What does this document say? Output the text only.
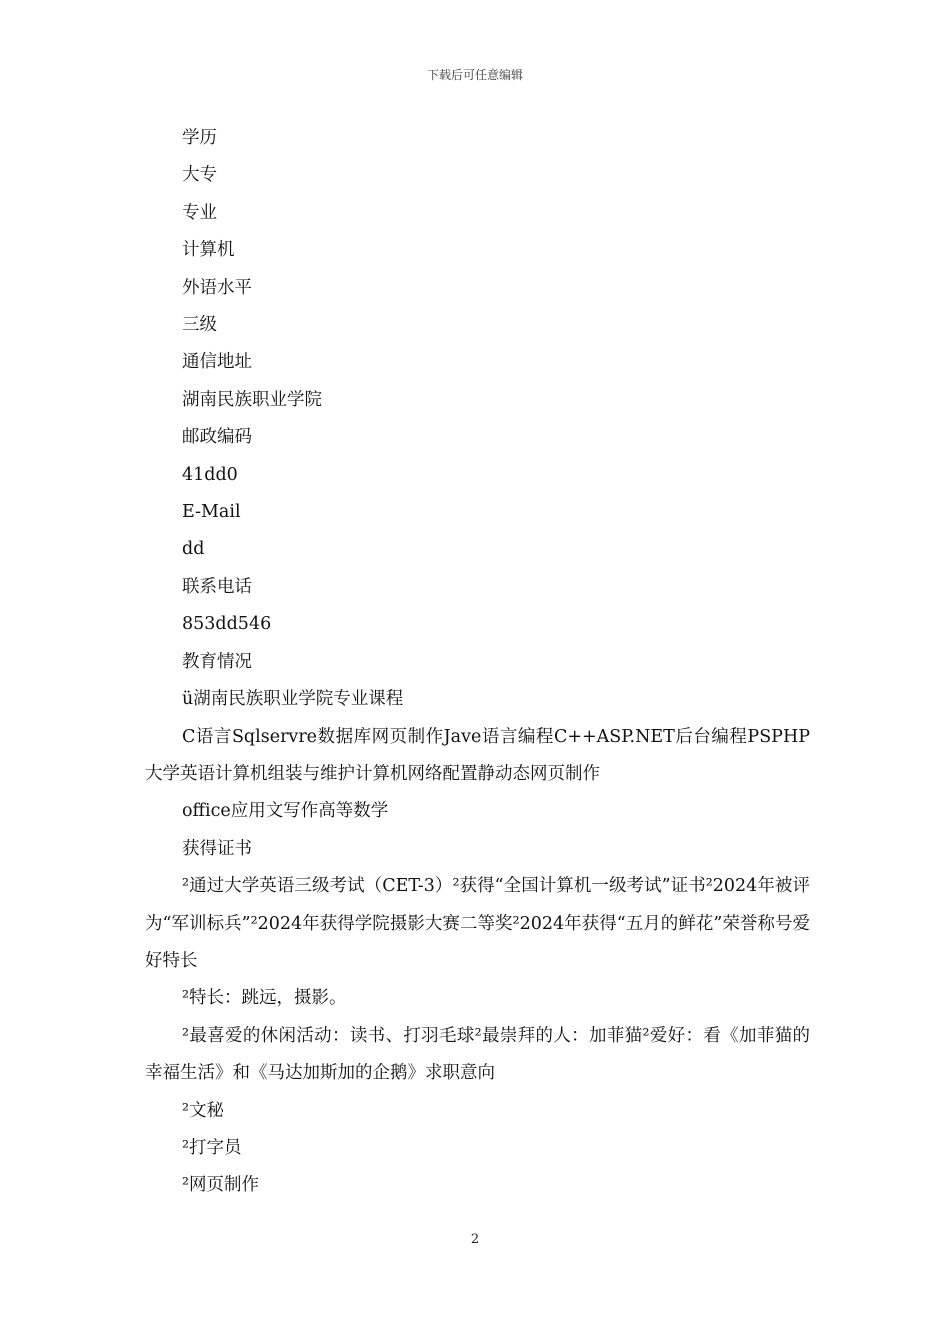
下载后可任意编辑

学历

大专

专业

计算机

外语水平

三级

通信地址

湖南民族职业学院

邮政编码

41dd0

E-Mail

dd

联系电话

853dd546

教育情况

ü湖南民族职业学院专业课程

C语言Sqlservre数据库网页制作Jave语言编程C++ASP.NET后台编程PSPHP大学英语计算机组装与维护计算机网络配置静动态网页制作

office应用文写作高等数学

获得证书

²通过大学英语三级考试（CET-3）²获得“全国计算机一级考试”证书²2024年被评为“军训标兵”²2024年获得学院摄影大赛二等奖²2024年获得“五月的鲜花”荣誉称号爱好特长

²特长：跳远，摄影。

²最喜爱的休闲活动：读书、打羽毛球²最崇拜的人：加菲猫²爱好：看《加菲猫的幸福生活》和《马达加斯加的企鹅》求职意向

²文秘

²打字员

²网页制作

2
